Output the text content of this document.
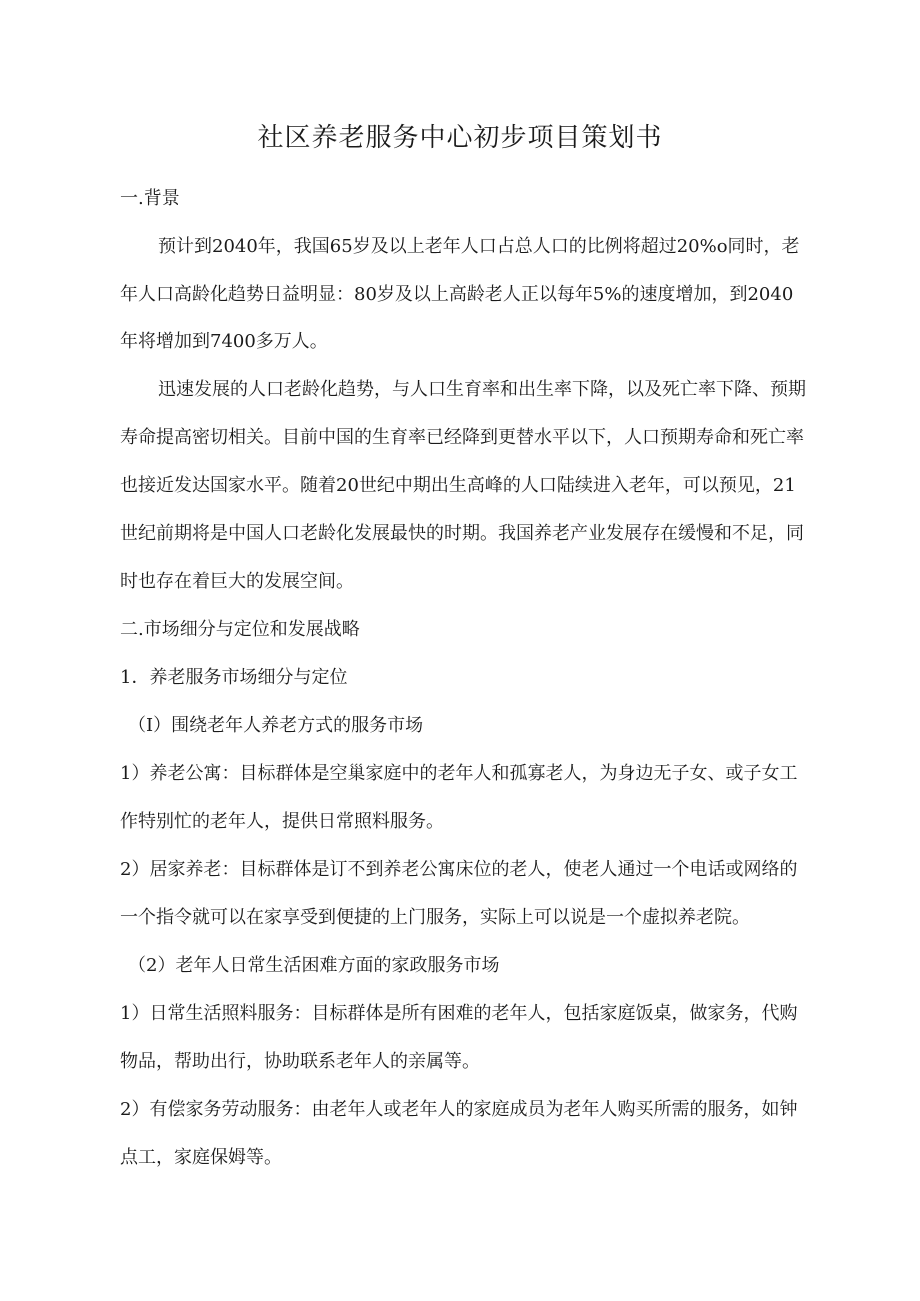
社区养老服务中心初步项目策划书
一.背景
预计到2040年，我国65岁及以上老年人口占总人口的比例将超过20%o同时，老
年人口高龄化趋势日益明显：80岁及以上高龄老人正以每年5%的速度增加，到2040
年将增加到7400多万人。
迅速发展的人口老龄化趋势，与人口生育率和出生率下降，以及死亡率下降、预期
寿命提高密切相关。目前中国的生育率已经降到更替水平以下，人口预期寿命和死亡率
也接近发达国家水平。随着20世纪中期出生高峰的人口陆续进入老年，可以预见，21
世纪前期将是中国人口老龄化发展最快的时期。我国养老产业发展存在缓慢和不足，同
时也存在着巨大的发展空间。
二.市场细分与定位和发展战略
1．养老服务市场细分与定位
（I）围绕老年人养老方式的服务市场
1）养老公寓：目标群体是空巢家庭中的老年人和孤寡老人，为身边无子女、或子女工
作特别忙的老年人，提供日常照料服务。
2）居家养老：目标群体是订不到养老公寓床位的老人，使老人通过一个电话或网络的
一个指令就可以在家享受到便捷的上门服务，实际上可以说是一个虚拟养老院。
（2）老年人日常生活困难方面的家政服务市场
1）日常生活照料服务：目标群体是所有困难的老年人，包括家庭饭桌，做家务，代购
物品，帮助出行，协助联系老年人的亲属等。
2）有偿家务劳动服务：由老年人或老年人的家庭成员为老年人购买所需的服务，如钟
点工，家庭保姆等。
